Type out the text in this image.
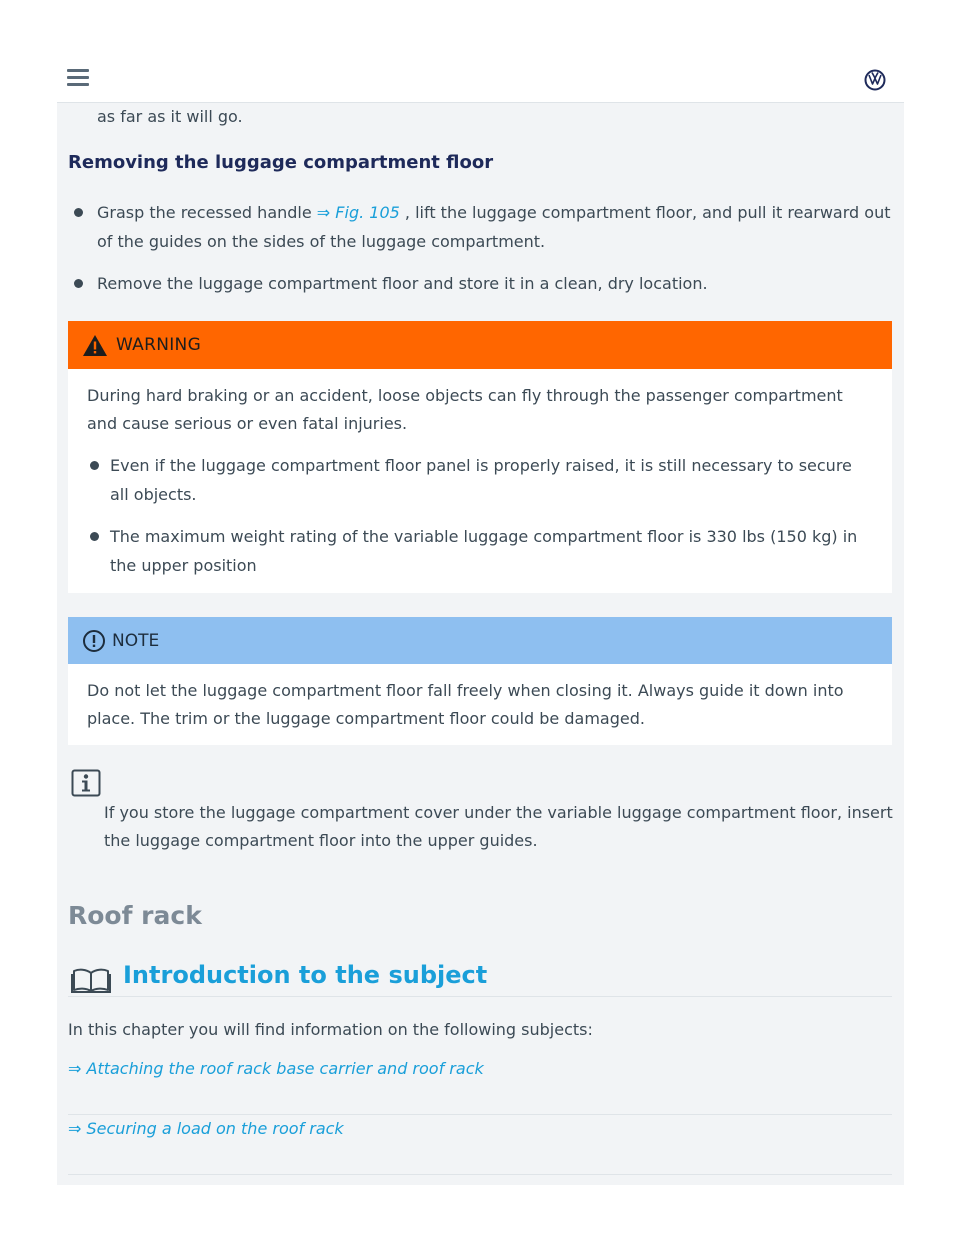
as far as it will go.
Removing the luggage compartment floor
Grasp the recessed handle ⇒ Fig. 105 , lift the luggage compartment floor, and pull it rearward out of the guides on the sides of the luggage compartment.
Remove the luggage compartment floor and store it in a clean, dry location.
WARNING

During hard braking or an accident, loose objects can fly through the passenger compartment and cause serious or even fatal injuries.

Even if the luggage compartment floor panel is properly raised, it is still necessary to secure all objects.
The maximum weight rating of the variable luggage compartment floor is 330 lbs (150 kg) in the upper position
NOTE

Do not let the luggage compartment floor fall freely when closing it. Always guide it down into place. The trim or the luggage compartment floor could be damaged.

If you store the luggage compartment cover under the variable luggage compartment floor, insert the luggage compartment floor into the upper guides.
Roof rack
Introduction to the subject
In this chapter you will find information on the following subjects:
⇒ Attaching the roof rack base carrier and roof rack
⇒ Securing a load on the roof rack
